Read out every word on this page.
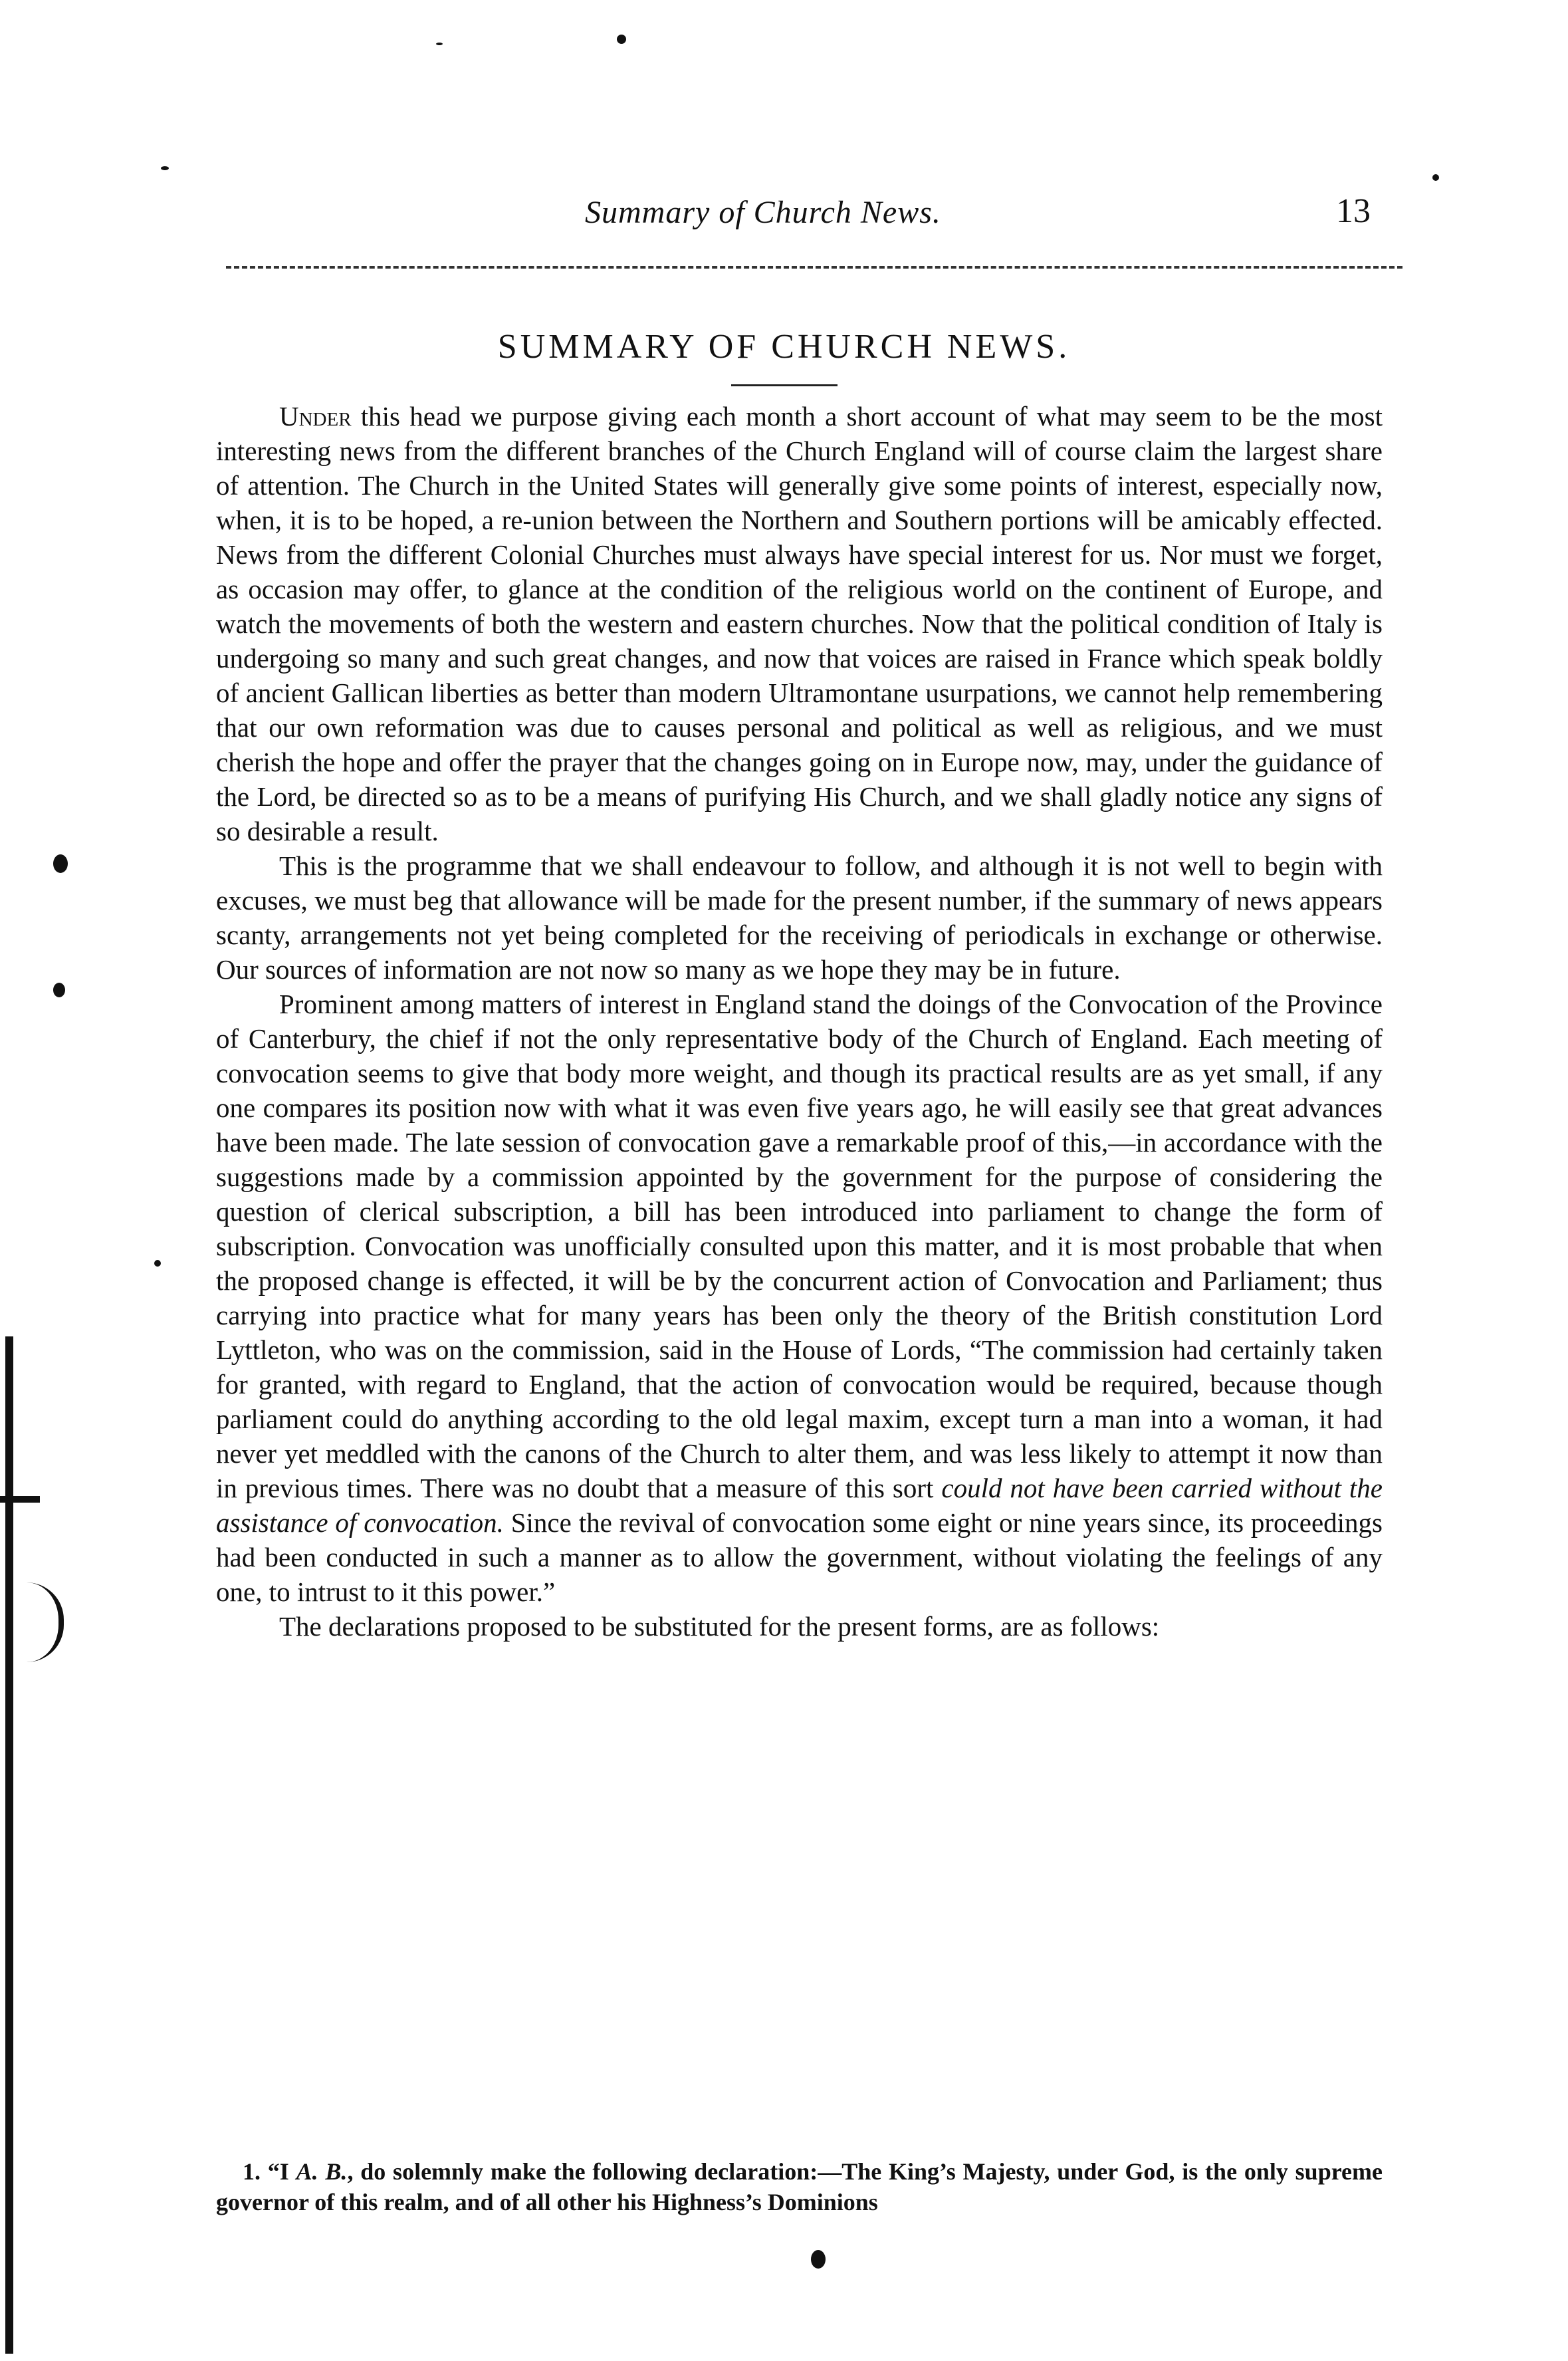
Summary of Church News.	13
SUMMARY OF CHURCH NEWS.

Under this head we purpose giving each month a short account of what may seem to be the most interesting news from the different branches of the Church England will of course claim the largest share of attention. The Church in the United States will generally give some points of interest, especially now, when, it is to be hoped, a re-union between the Northern and Southern portions will be amicably effected. News from the different Colonial Churches must always have special interest for us. Nor must we forget, as occasion may offer, to glance at the condition of the religious world on the continent of Europe, and watch the movements of both the western and eastern churches. Now that the political condition of Italy is undergoing so many and such great changes, and now that voices are raised in France which speak boldly of ancient Gallican liberties as better than modern Ultramontane usurpations, we cannot help remembering that our own reformation was due to causes personal and political as well as religious, and we must cherish the hope and offer the prayer that the changes going on in Europe now, may, under the guidance of the Lord, be directed so as to be a means of purifying His Church, and we shall gladly notice any signs of so desirable a result.

This is the programme that we shall endeavour to follow, and although it is not well to begin with excuses, we must beg that allowance will be made for the present number, if the summary of news appears scanty, arrangements not yet being completed for the receiving of periodicals in exchange or otherwise. Our sources of information are not now so many as we hope they may be in future.

Prominent among matters of interest in England stand the doings of the Convocation of the Province of Canterbury, the chief if not the only representative body of the Church of England. Each meeting of convocation seems to give that body more weight, and though its practical results are as yet small, if any one compares its position now with what it was even five years ago, he will easily see that great advances have been made. The late session of convocation gave a remarkable proof of this,—in accordance with the suggestions made by a commission appointed by the government for the purpose of considering the question of clerical subscription, a bill has been introduced into parliament to change the form of subscription. Convocation was unofficially consulted upon this matter, and it is most probable that when the proposed change is effected, it will be by the concurrent action of Convocation and Parliament; thus carrying into practice what for many years has been only the theory of the British constitution Lord Lyttleton, who was on the commission, said in the House of Lords, “The commission had certainly taken for granted, with regard to England, that the action of convocation would be required, because though parliament could do anything according to the old legal maxim, except turn a man into a woman, it had never yet meddled with the canons of the Church to alter them, and was less likely to attempt it now than in previous times. There was no doubt that a measure of this sort could not have been carried without the assistance of convocation. Since the revival of convocation some eight or nine years since, its proceedings had been conducted in such a manner as to allow the government, without violating the feelings of any one, to intrust to it this power.”

The declarations proposed to be substituted for the present forms, are as follows:

1. “I A. B., do solemnly make the following declaration:—The King’s Majesty, under God, is the only supreme governor of this realm, and of all other his Highness’s Dominions
